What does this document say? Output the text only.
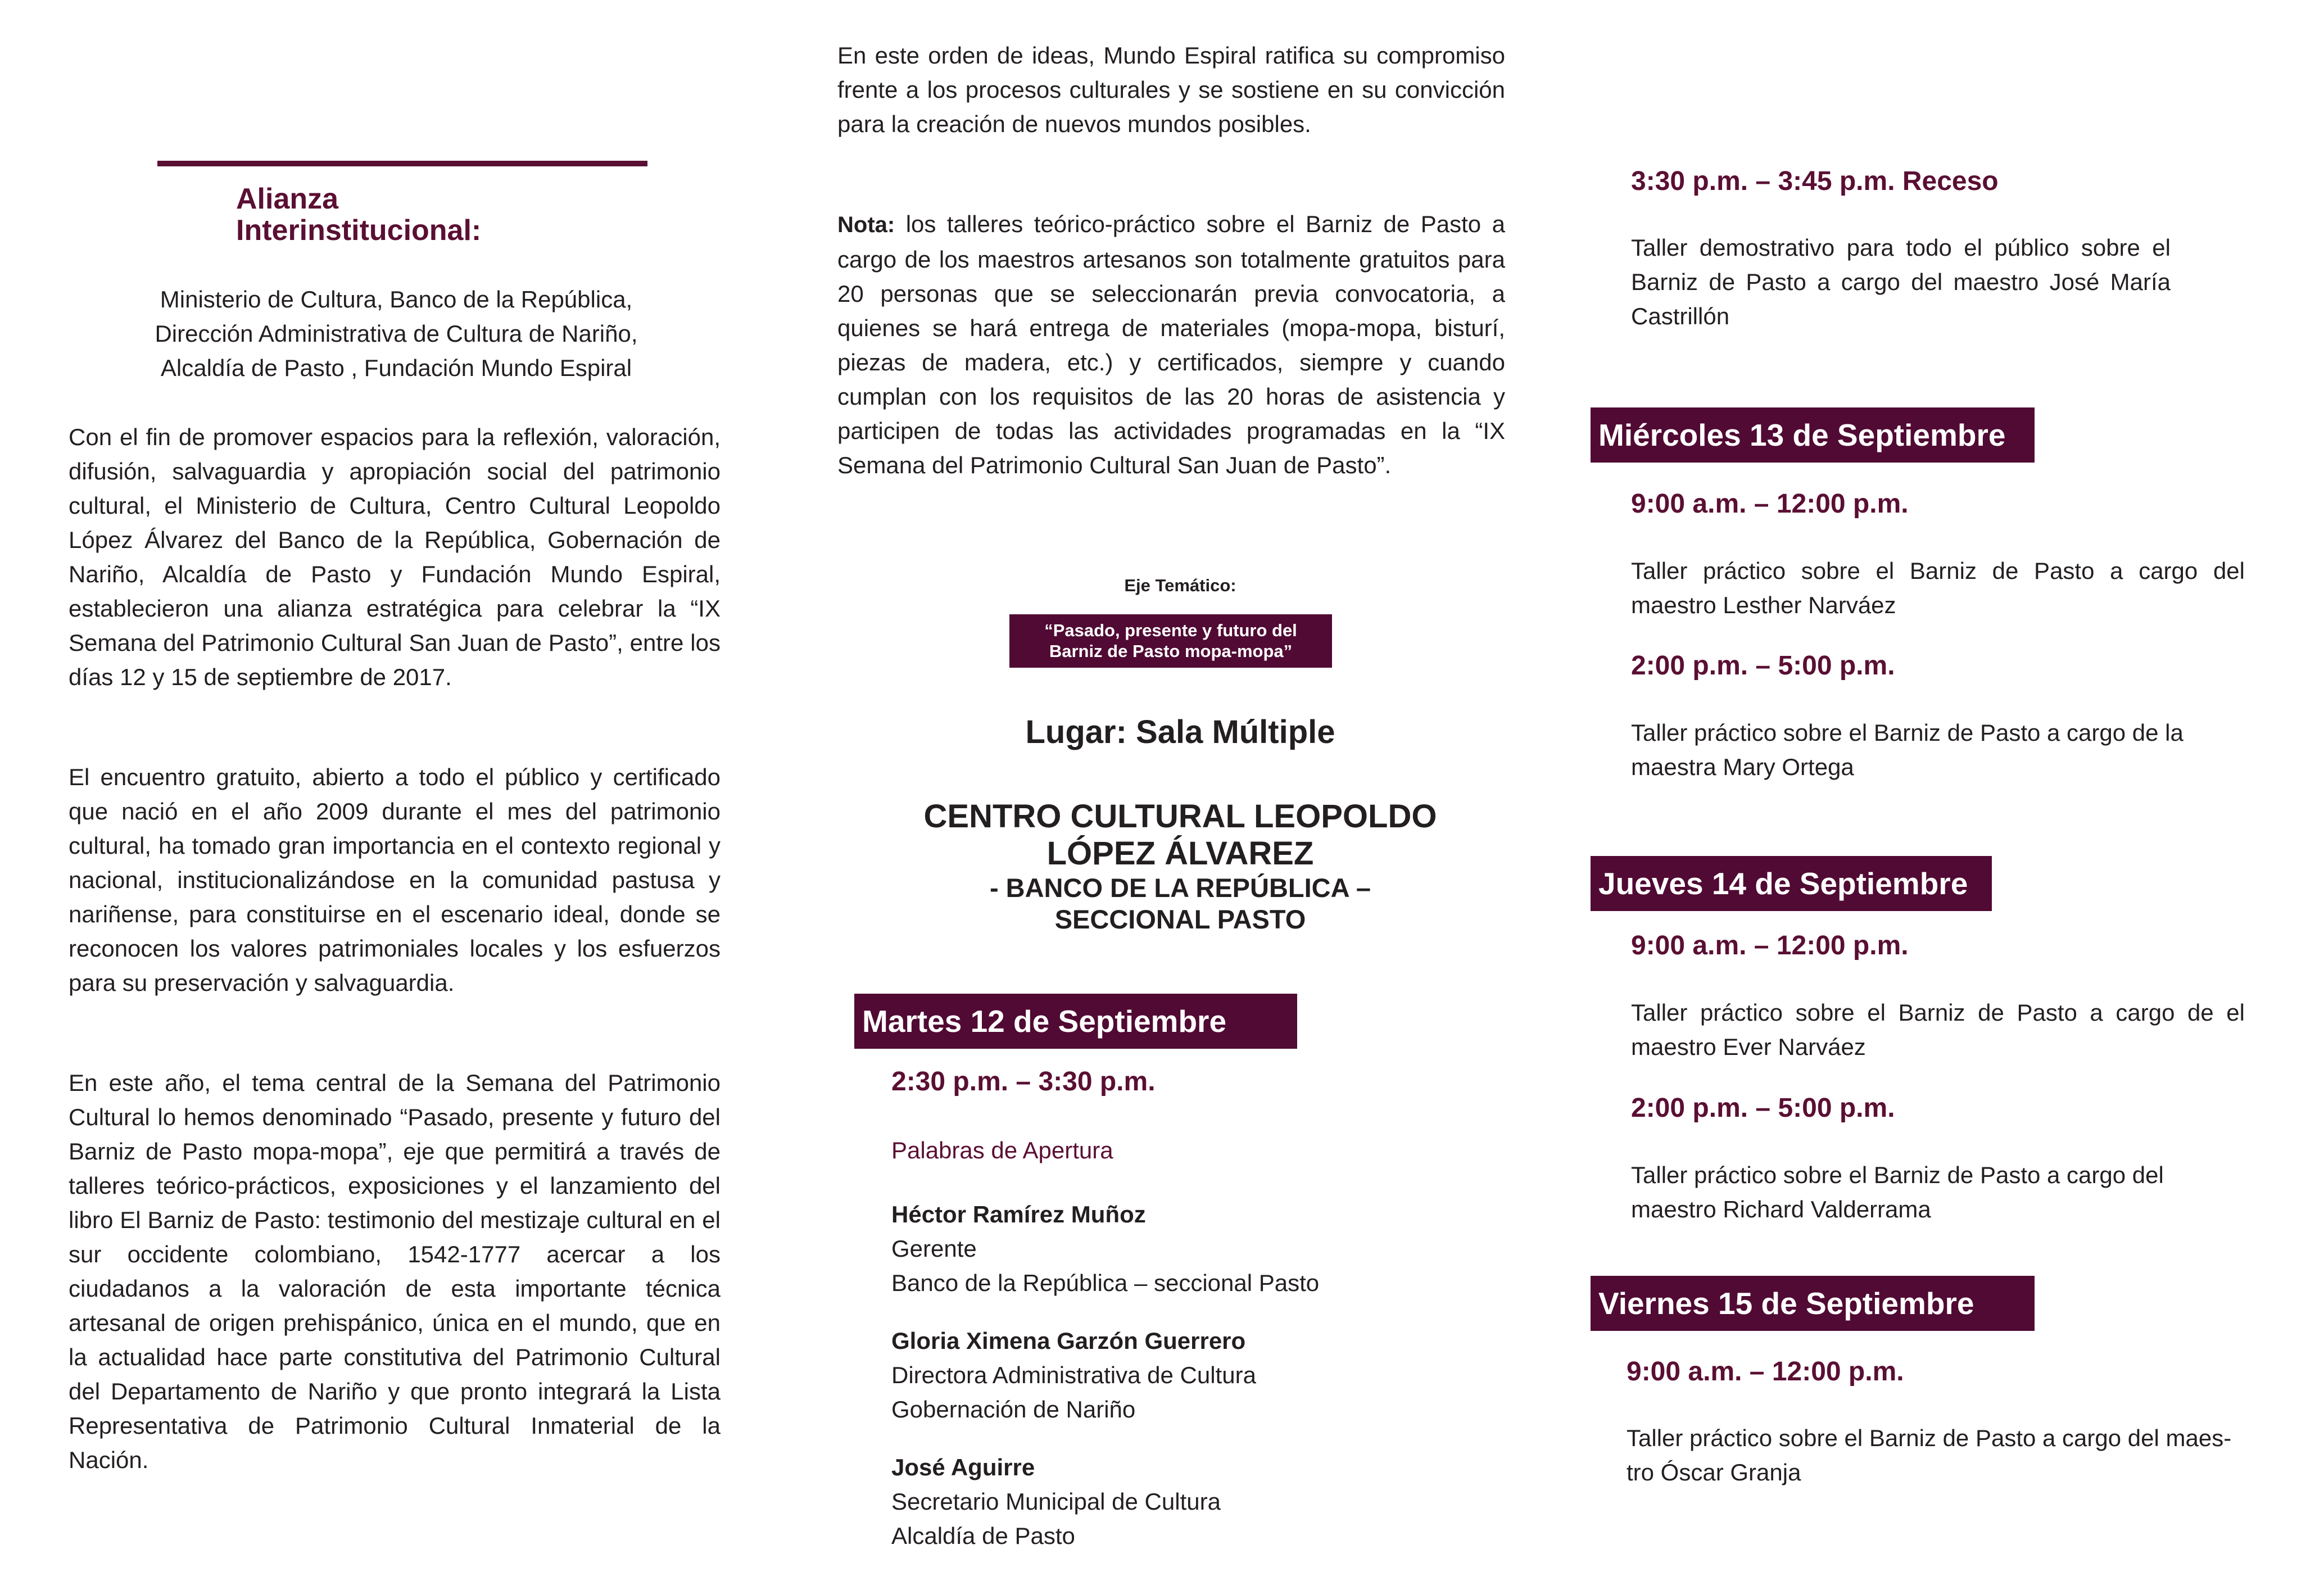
Alianza
Interinstitucional:
Ministerio de Cultura, Banco de la República,
Dirección Administrativa de Cultura de Nariño,
Alcaldía de Pasto , Fundación Mundo Espiral
Con el fin de promover espacios para la reflexión, valoración, difusión, salvaguardia y apropiación social del patrimonio cultural, el Ministerio de Cultura, Centro Cultural Leopoldo López Álvarez del Banco de la República, Gobernación de Nariño, Alcaldía de Pasto y Fundación Mundo Espiral, establecieron una alianza estratégica para celebrar la “IX Semana del Patrimonio Cultural San Juan de Pasto”, entre los días 12 y 15 de septiembre de 2017.
El encuentro gratuito, abierto a todo el público y certificado que nació en el año 2009 durante el mes del patrimonio cultural, ha tomado gran importancia en el contexto regional y nacional, institucionalizándose en la comunidad pastusa y nariñense, para constituirse en el escenario ideal, donde se reconocen los valores patrimoniales locales y los esfuerzos para su preservación y salvaguardia.
En este año, el tema central de la Semana del Patrimonio Cultural lo hemos denominado “Pasado, presente y futuro del Barniz de Pasto mopa-mopa”, eje que permitirá a través de talleres teórico-prácticos, exposiciones y el lanzamiento del libro El Barniz de Pasto: testimonio del mestizaje cultural en el sur occidente colombiano, 1542-1777 acercar a los ciudadanos a la valoración de esta importante técnica artesanal de origen prehispánico, única en el mundo, que en la actualidad hace parte constitutiva del Patrimonio Cultural del Departamento de Nariño y que pronto integrará la Lista Representativa de Patrimonio Cultural Inmaterial de la Nación.
En este orden de ideas, Mundo Espiral ratifica su compromiso frente a los procesos culturales y se sostiene en su convicción para la creación de nuevos mundos posibles.
Nota: los talleres teórico-práctico sobre el Barniz de Pasto a cargo de los maestros artesanos son totalmente gratuitos para 20 personas que se seleccionarán previa convocatoria, a quienes se hará entrega de materiales (mopa-mopa, bisturí, piezas de madera, etc.) y certificados, siempre y cuando cumplan con los requisitos de las 20 horas de asistencia y participen de todas las actividades programadas en la “IX Semana del Patrimonio Cultural San Juan de Pasto”.
Eje Temático:
“Pasado, presente y futuro del
Barniz de Pasto mopa-mopa”
Lugar: Sala Múltiple
CENTRO CULTURAL LEOPOLDO
LÓPEZ ÁLVAREZ
- BANCO DE LA REPÚBLICA –
SECCIONAL PASTO
Martes 12 de Septiembre
2:30 p.m. – 3:30 p.m.
Palabras de Apertura
Héctor Ramírez Muñoz
Gerente
Banco de la República – seccional Pasto
Gloria Ximena Garzón Guerrero
Directora Administrativa de Cultura
Gobernación de Nariño
José Aguirre
Secretario Municipal de Cultura
Alcaldía de Pasto
3:30 p.m. – 3:45 p.m. Receso
Taller demostrativo para todo el público sobre el Barniz de Pasto a cargo del maestro José María Castrillón
Miércoles 13 de Septiembre
9:00 a.m. – 12:00 p.m.
Taller práctico sobre el Barniz de Pasto a cargo del maestro Lesther Narváez
2:00 p.m. – 5:00 p.m.
Taller práctico sobre el Barniz de Pasto a cargo de la maestra Mary Ortega
Jueves 14 de Septiembre
9:00 a.m. – 12:00 p.m.
Taller práctico sobre el Barniz de Pasto a cargo de el maestro Ever Narváez
2:00 p.m. – 5:00 p.m.
Taller práctico sobre el Barniz de Pasto a cargo del maestro Richard Valderrama
Viernes 15 de Septiembre
9:00 a.m. – 12:00 p.m.
Taller práctico sobre el Barniz de Pasto a cargo del maes-
tro Óscar Granja
